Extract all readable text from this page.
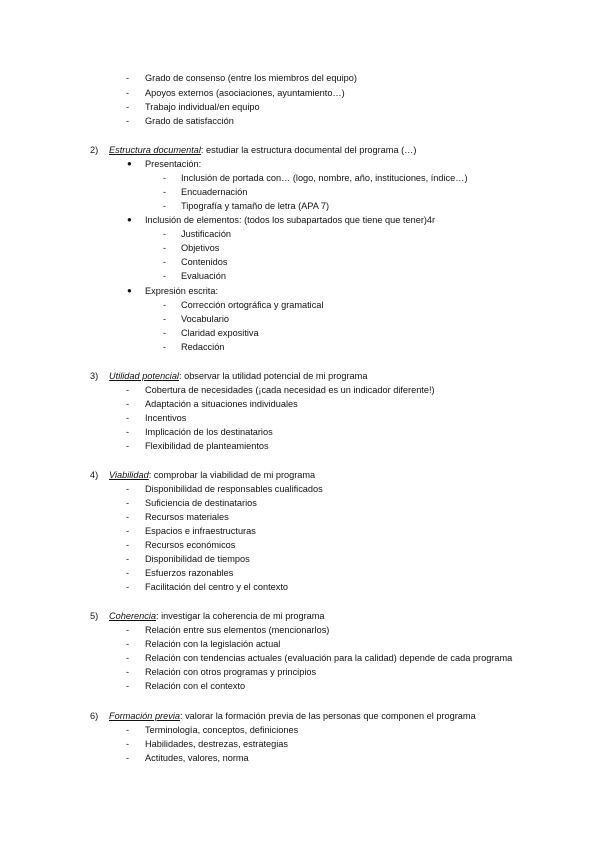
-	Grado de consenso (entre los miembros del equipo)
-	Apoyos externos (asociaciones, ayuntamiento…)
-	Trabajo individual/en equipo
-	Grado de satisfacción
2) Estructura documental: estudiar la estructura documental del programa (…)
●	Presentación:
-	Inclusión de portada con… (logo, nombre, año, instituciones, índice…)
-	Encuadernación
-	Tipografía y tamaño de letra (APA 7)
●	Inclusión de elementos: (todos los subapartados que tiene que tener)4r
-	Justificación
-	Objetivos
-	Contenidos
-	Evaluación
●	Expresión escrita:
-	Corrección ortográfica y gramatical
-	Vocabulario
-	Claridad expositiva
-	Redacción
3) Utilidad potencial: observar la utilidad potencial de mi programa
-	Cobertura de necesidades (¡cada necesidad es un indicador diferente!)
-	Adaptación a situaciones individuales
-	Incentivos
-	Implicación de los destinatarios
-	Flexibilidad de planteamientos
4) Viabilidad: comprobar la viabilidad de mi programa
-	Disponibilidad de responsables cualificados
-	Suficiencia de destinatarios
-	Recursos materiales
-	Espacios e infraestructuras
-	Recursos económicos
-	Disponibilidad de tiempos
-	Esfuerzos razonables
-	Facilitación del centro y el contexto
5) Coherencia: investigar la coherencia de mi programa
-	Relación entre sus elementos (mencionarlos)
-	Relación con la legislación actual
-	Relación con tendencias actuales (evaluación para la calidad) depende de cada programa
-	Relación con otros programas y principios
-	Relación con el contexto
6) Formación previa: valorar la formación previa de las personas que componen el programa
-	Terminología, conceptos, definiciones
-	Habilidades, destrezas, estrategias
-	Actitudes, valores, norma
